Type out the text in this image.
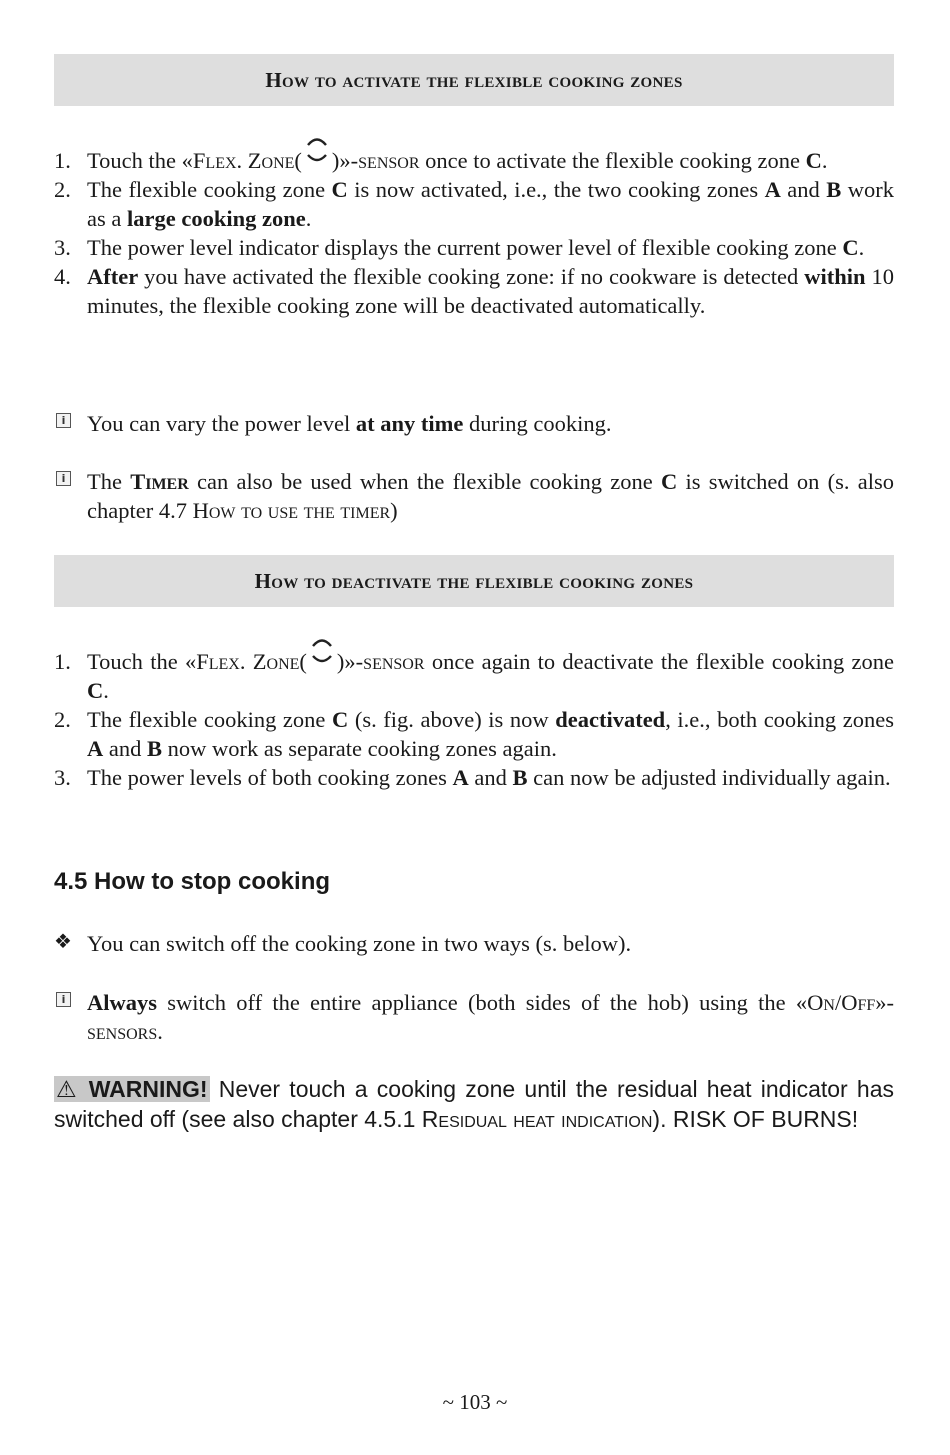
How to activate the flexible cooking zones
1. Touch the «Flex. Zone( )»-sensor once to activate the flexible cooking zone C.
2. The flexible cooking zone C is now activated, i.e., the two cooking zones A and B work as a large cooking zone.
3. The power level indicator displays the current power level of flexible cooking zone C.
4. After you have activated the flexible cooking zone: if no cookware is detected within 10 minutes, the flexible cooking zone will be deactivated automatically.
i You can vary the power level at any time during cooking.
i The Timer can also be used when the flexible cooking zone C is switched on (s. also chapter 4.7 How to use the timer)
How to deactivate the flexible cooking zones
1. Touch the «Flex. Zone( )»-sensor once again to deactivate the flexible cooking zone C.
2. The flexible cooking zone C (s. fig. above) is now deactivated, i.e., both cooking zones A and B now work as separate cooking zones again.
3. The power levels of both cooking zones A and B can now be adjusted individually again.
4.5 How to stop cooking
❖ You can switch off the cooking zone in two ways (s. below).
i Always switch off the entire appliance (both sides of the hob) using the «On/Off»-sensors.
⚠ WARNING! Never touch a cooking zone until the residual heat indicator has switched off (see also chapter 4.5.1 Residual heat indication). RISK OF BURNS!
~ 103 ~
